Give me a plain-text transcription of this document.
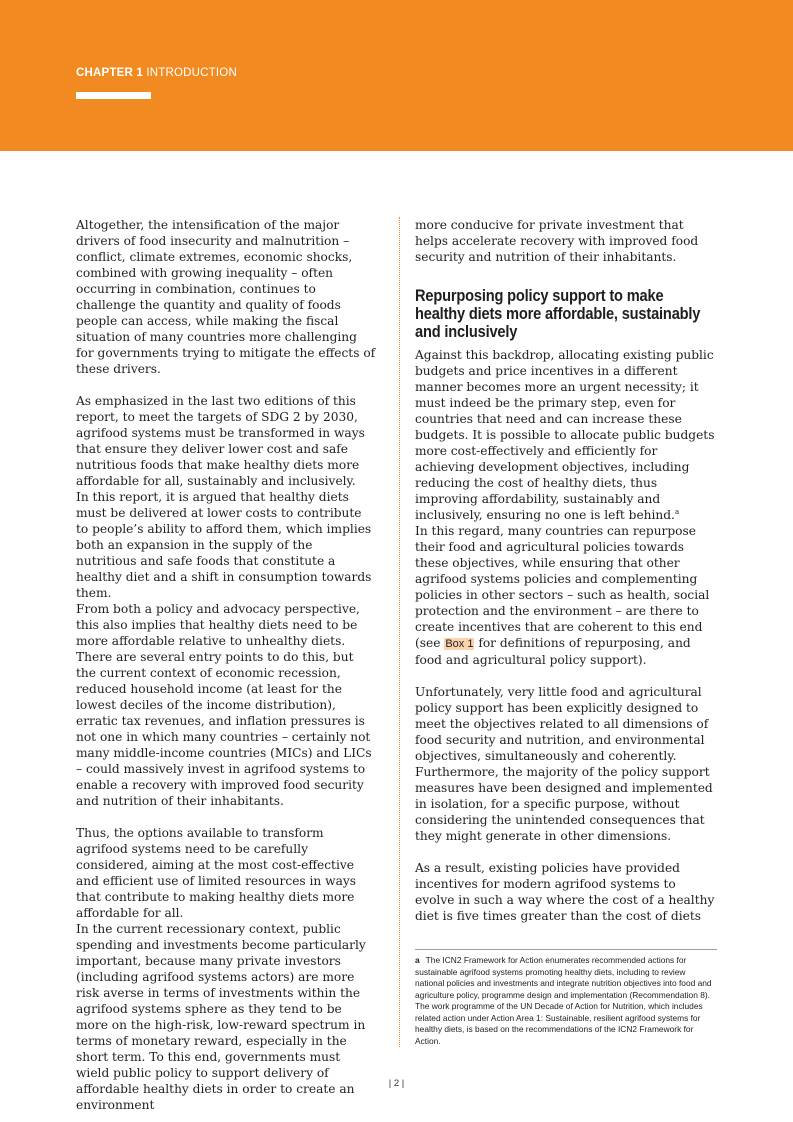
CHAPTER 1 INTRODUCTION

Altogether, the intensification of the major drivers of food insecurity and malnutrition – conflict, climate extremes, economic shocks, combined with growing inequality – often occurring in combination, continues to challenge the quantity and quality of foods people can access, while making the fiscal situation of many countries more challenging for governments trying to mitigate the effects of these drivers.

As emphasized in the last two editions of this report, to meet the targets of SDG 2 by 2030, agrifood systems must be transformed in ways that ensure they deliver lower cost and safe nutritious foods that make healthy diets more affordable for all, sustainably and inclusively.

In this report, it is argued that healthy diets must be delivered at lower costs to contribute to people’s ability to afford them, which implies both an expansion in the supply of the nutritious and safe foods that constitute a healthy diet and a shift in consumption towards them.

From both a policy and advocacy perspective, this also implies that healthy diets need to be more affordable relative to unhealthy diets.

There are several entry points to do this, but the current context of economic recession, reduced household income (at least for the lowest deciles of the income distribution), erratic tax revenues, and inflation pressures is not one in which many countries – certainly not many middle-income countries (MICs) and LICs – could massively invest in agrifood systems to enable a recovery with improved food security and nutrition of their inhabitants.

Thus, the options available to transform agrifood systems need to be carefully considered, aiming at the most cost-effective and efficient use of limited resources in ways that contribute to making healthy diets more affordable for all.

In the current recessionary context, public spending and investments become particularly important, because many private investors (including agrifood systems actors) are more risk averse in terms of investments within the agrifood systems sphere as they tend to be more on the high-risk, low-reward spectrum in terms of monetary reward, especially in the short term. To this end, governments must wield public policy to support delivery of affordable healthy diets in order to create an environment

more conducive for private investment that helps accelerate recovery with improved food security and nutrition of their inhabitants.

Repurposing policy support to make healthy diets more affordable, sustainably and inclusively

Against this backdrop, allocating existing public budgets and price incentives in a different manner becomes more an urgent necessity; it must indeed be the primary step, even for countries that need and can increase these budgets. It is possible to allocate public budgets more cost-effectively and efficiently for achieving development objectives, including reducing the cost of healthy diets, thus improving affordability, sustainably and inclusively, ensuring no one is left behind.$^a$

In this regard, many countries can repurpose their food and agricultural policies towards these objectives, while ensuring that other agrifood systems policies and complementing policies in other sectors – such as health, social protection and the environment – are there to create incentives that are coherent to this end (see Box 1 for definitions of repurposing, and food and agricultural policy support).

Unfortunately, very little food and agricultural policy support has been explicitly designed to meet the objectives related to all dimensions of food security and nutrition, and environmental objectives, simultaneously and coherently. Furthermore, the majority of the policy support measures have been designed and implemented in isolation, for a specific purpose, without considering the unintended consequences that they might generate in other dimensions.

As a result, existing policies have provided incentives for modern agrifood systems to evolve in such a way where the cost of a healthy diet is five times greater than the cost of diets

a The ICN2 Framework for Action enumerates recommended actions for sustainable agrifood systems promoting healthy diets, including to review national policies and investments and integrate nutrition objectives into food and agriculture policy, programme design and implementation (Recommendation 8). The work programme of the UN Decade of Action for Nutrition, which includes related action under Action Area 1: Sustainable, resilient agrifood systems for healthy diets, is based on the recommendations of the ICN2 Framework for Action.
| 2 |
